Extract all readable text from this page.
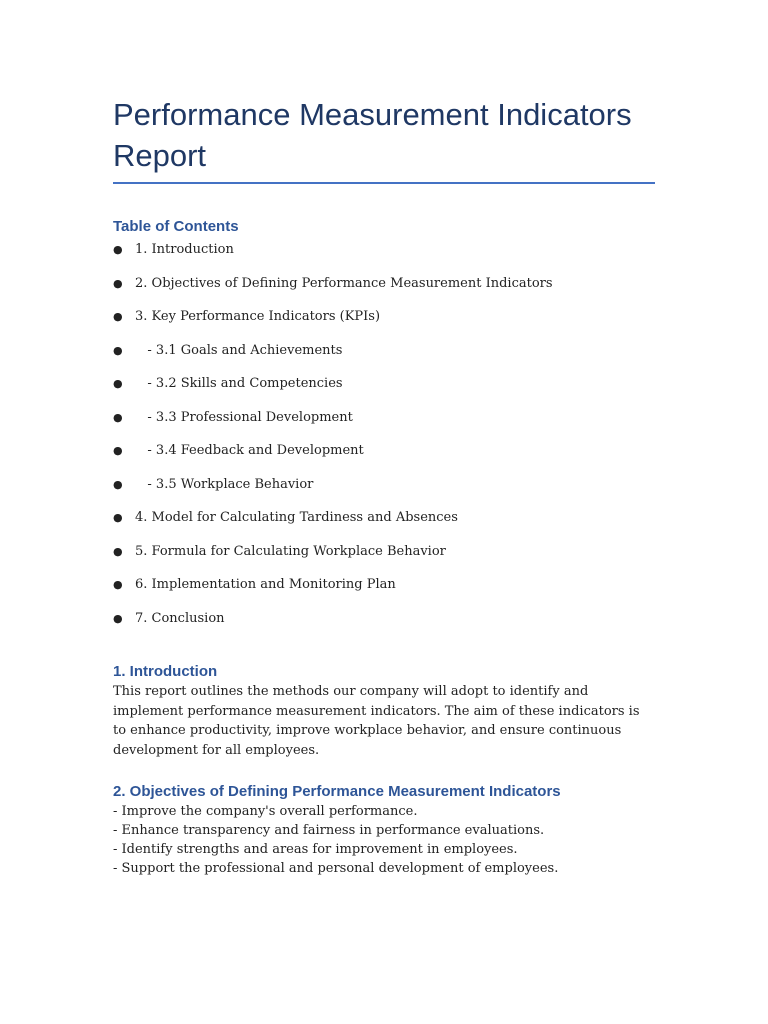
Performance Measurement Indicators Report
Table of Contents
● 1. Introduction
● 2. Objectives of Defining Performance Measurement Indicators
● 3. Key Performance Indicators (KPIs)
● - 3.1 Goals and Achievements
● - 3.2 Skills and Competencies
● - 3.3 Professional Development
● - 3.4 Feedback and Development
● - 3.5 Workplace Behavior
● 4. Model for Calculating Tardiness and Absences
● 5. Formula for Calculating Workplace Behavior
● 6. Implementation and Monitoring Plan
● 7. Conclusion
1. Introduction

This report outlines the methods our company will adopt to identify and implement performance measurement indicators. The aim of these indicators is to enhance productivity, improve workplace behavior, and ensure continuous development for all employees.

2. Objectives of Defining Performance Measurement Indicators

- Improve the company's overall performance.

- Enhance transparency and fairness in performance evaluations.

- Identify strengths and areas for improvement in employees.

- Support the professional and personal development of employees.
